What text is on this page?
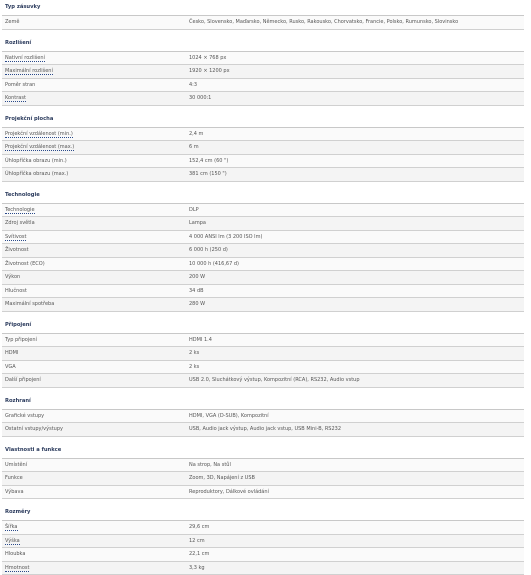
Typ zásuvky
Země	Česko, Slovensko, Maďarsko, Německo, Rusko, Rakousko, Chorvatsko, Francie, Polsko, Rumunsko, Slovinsko
Rozlišení
Nativní rozlišení	1024 × 768 px
Maximální rozlišení	1920 × 1200 px
Poměr stran	4:3
Kontrast	30 000:1
Projekční plocha
Projekční vzdálenost (min.)	2,4 m
Projekční vzdálenost (max.)	6 m
Úhlopříčka obrazu (min.)	152,4 cm (60 ")
Úhlopříčka obrazu (max.)	381 cm (150 ")
Technologie
Technologie	DLP
Zdroj světla	Lampa
Svítivost	4 000 ANSI lm (3 200 ISO lm)
Životnost	6 000 h (250 d)
Životnost (ECO)	10 000 h (416,67 d)
Výkon	200 W
Hlučnost	34 dB
Maximální spotřeba	280 W
Připojení
Typ připojení	HDMI 1.4
HDMI	2 ks
VGA	2 ks
Další připojení	USB 2.0, Sluchátkový výstup, Kompozitní (RCA), RS232, Audio vstup
Rozhraní
Grafické vstupy	HDMI, VGA (D-SUB), Kompozitní
Ostatní vstupy/výstupy	USB, Audio jack výstup, Audio jack vstup, USB Mini-B, RS232
Vlastnosti a funkce
Umístění	Na strop, Na stůl
Funkce	Zoom, 3D, Napájení z USB
Výbava	Reproduktory, Dálkové ovládání
Rozměry
Šířka	29,6 cm
Výška	12 cm
Hloubka	22,1 cm
Hmotnost	3,3 kg
